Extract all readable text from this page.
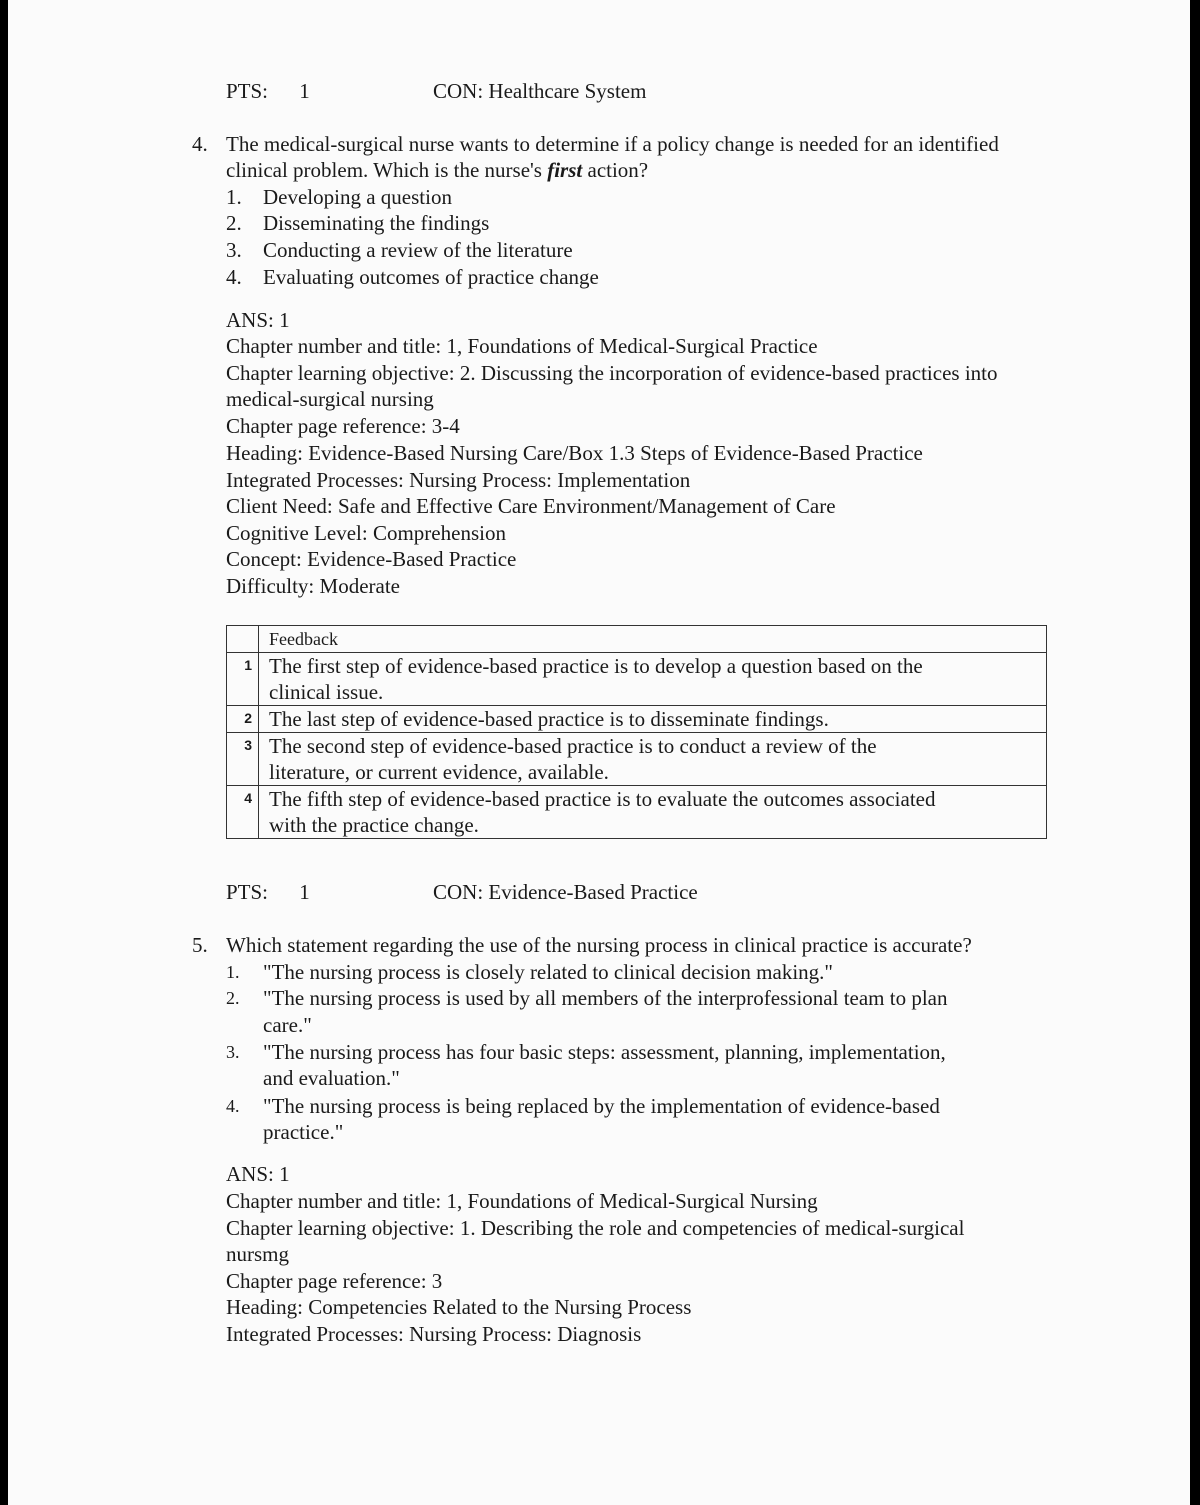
PTS: 1	CON: Healthcare System
4. The medical-surgical nurse wants to determine if a policy change is needed for an identified
clinical problem. Which is the nurse's first action?
1. Developing a question
2. Disseminating the findings
3. Conducting a review of the literature
4. Evaluating outcomes of practice change
ANS: 1
Chapter number and title: 1, Foundations of Medical-Surgical Practice
Chapter learning objective: 2. Discussing the incorporation of evidence-based practices into
medical-surgical nursing
Chapter page reference: 3-4
Heading: Evidence-Based Nursing Care/Box 1.3 Steps of Evidence-Based Practice
Integrated Processes: Nursing Process: Implementation
Client Need: Safe and Effective Care Environment/Management of Care
Cognitive Level: Comprehension
Concept: Evidence-Based Practice
Difficulty: Moderate
	Feedback
1	The first step of evidence-based practice is to develop a question based on the
clinical issue.

2	The last step of evidence-based practice is to disseminate findings.

3	The second step of evidence-based practice is to conduct a review of the
literature, or current evidence, available.

4	The fifth step of evidence-based practice is to evaluate the outcomes associated
with the practice change.
PTS: 1	CON: Evidence-Based Practice
5. Which statement regarding the use of the nursing process in clinical practice is accurate?
1. "The nursing process is closely related to clinical decision making."
2. "The nursing process is used by all members of the interprofessional team to plan
care."
3. "The nursing process has four basic steps: assessment, planning, implementation,
and evaluation."
4. "The nursing process is being replaced by the implementation of evidence-based
practice."
ANS: 1
Chapter number and title: 1, Foundations of Medical-Surgical Nursing
Chapter learning objective: 1. Describing the role and competencies of medical-surgical
nursmg
Chapter page reference: 3
Heading: Competencies Related to the Nursing Process
Integrated Processes: Nursing Process: Diagnosis
